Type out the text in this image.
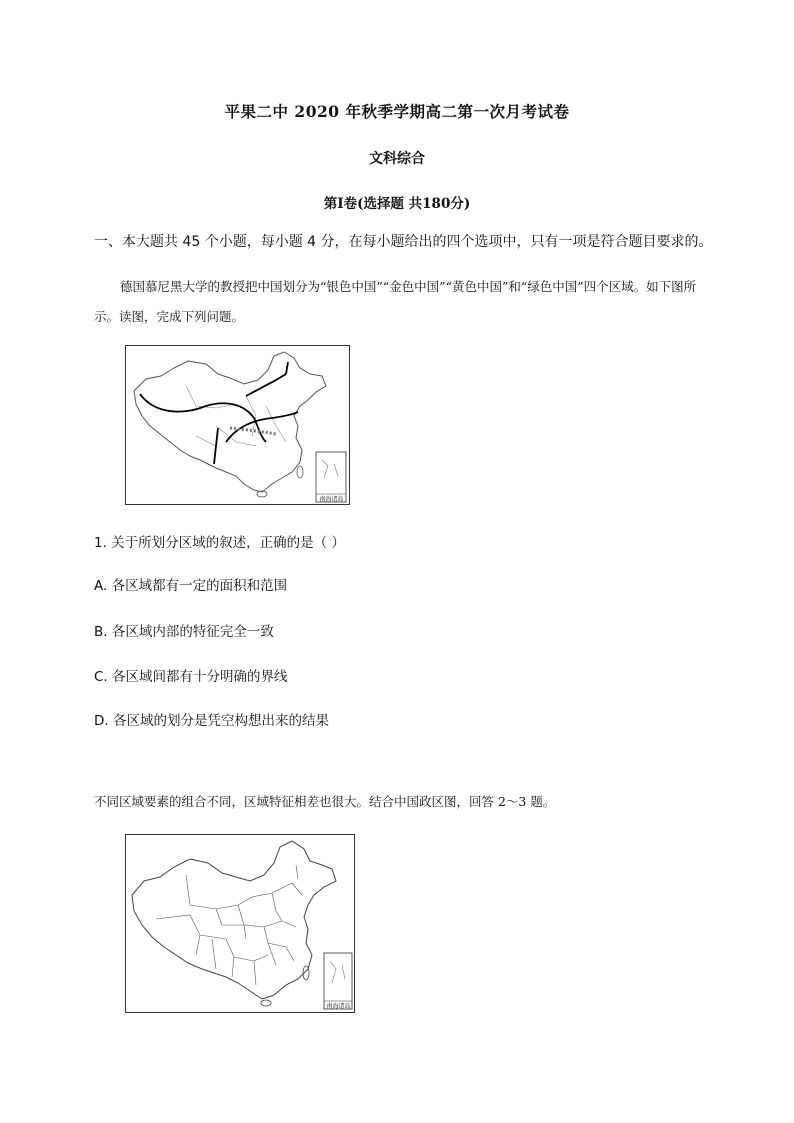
平果二中 2020 年秋季学期高二第一次月考试卷
文科综合
第Ⅰ卷(选择题 共180分)
一、本大题共 45 个小题，每小题 4 分，在每小题给出的四个选项中，只有一项是符合题目要求的。
德国慕尼黑大学的教授把中国划分为“银色中国”“金色中国”“黄色中国”和“绿色中国”四个区域。如下图所示。读图，完成下列问题。
南海诸岛
1. 关于所划分区域的叙述，正确的是（ ）
A. 各区域都有一定的面积和范围
B. 各区域内部的特征完全一致
C. 各区域间都有十分明确的界线
D. 各区域的划分是凭空构想出来的结果
不同区域要素的组合不同，区域特征相差也很大。结合中国政区图，回答 2～3 题。
南海诸岛
